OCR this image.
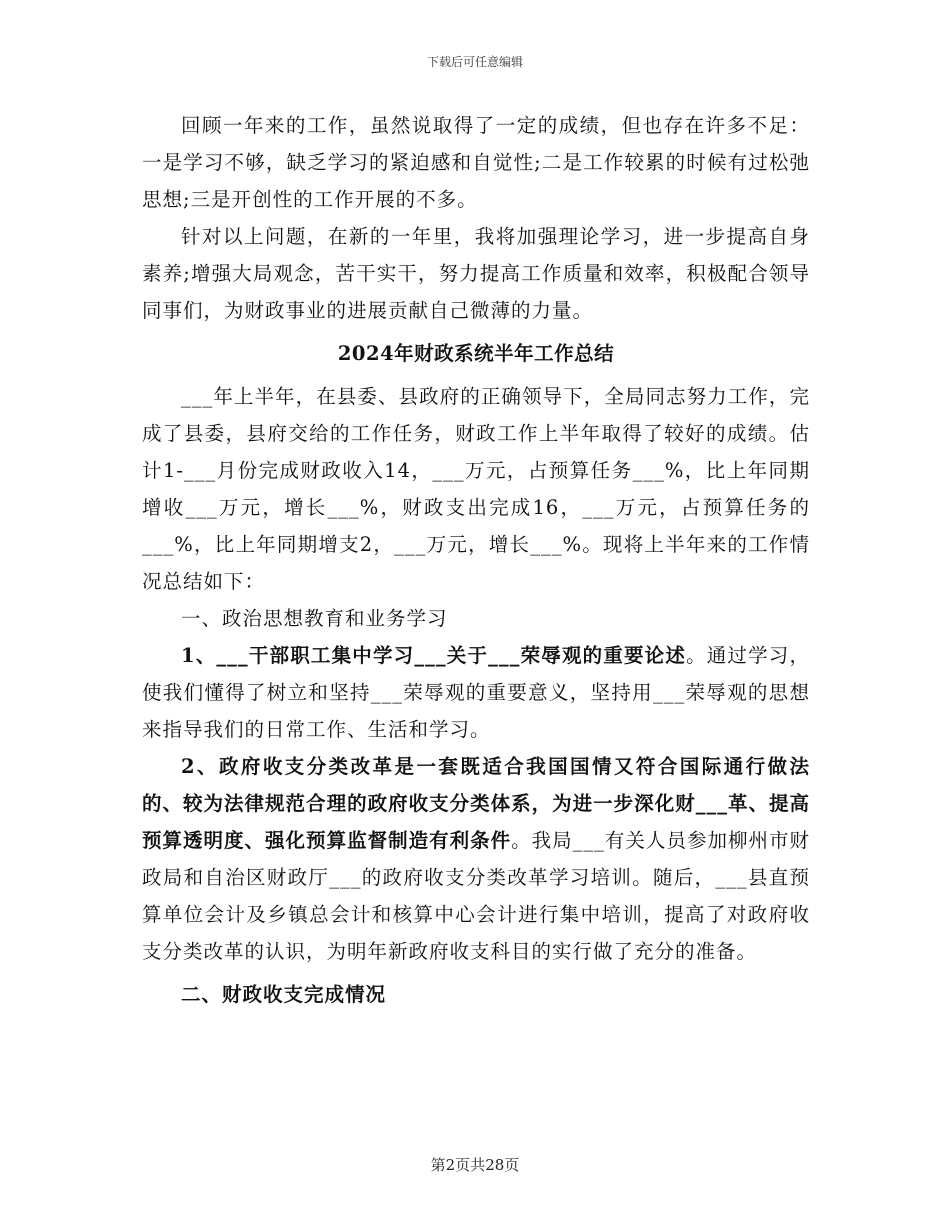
下载后可任意编辑

回顾一年来的工作，虽然说取得了一定的成绩，但也存在许多不足：一是学习不够，缺乏学习的紧迫感和自觉性;二是工作较累的时候有过松弛思想;三是开创性的工作开展的不多。

针对以上问题，在新的一年里，我将加强理论学习，进一步提高自身素养;增强大局观念，苦干实干，努力提高工作质量和效率，积极配合领导同事们，为财政事业的进展贡献自己微薄的力量。

2024年财政系统半年工作总结

___年上半年，在县委、县政府的正确领导下，全局同志努力工作，完成了县委，县府交给的工作任务，财政工作上半年取得了较好的成绩。估计1-___月份完成财政收入14，___万元，占预算任务___%，比上年同期增收___万元，增长___%，财政支出完成16，___万元，占预算任务的___%，比上年同期增支2，___万元，增长___%。现将上半年来的工作情况总结如下：

一、政治思想教育和业务学习

1、___干部职工集中学习___关于___荣辱观的重要论述。通过学习，使我们懂得了树立和坚持___荣辱观的重要意义，坚持用___荣辱观的思想来指导我们的日常工作、生活和学习。

2、政府收支分类改革是一套既适合我国国情又符合国际通行做法的、较为法律规范合理的政府收支分类体系，为进一步深化财___革、提高预算透明度、强化预算监督制造有利条件。我局___有关人员参加柳州市财政局和自治区财政厅___的政府收支分类改革学习培训。随后，___县直预算单位会计及乡镇总会计和核算中心会计进行集中培训，提高了对政府收支分类改革的认识，为明年新政府收支科目的实行做了充分的准备。

二、财政收支完成情况

第2页共28页
